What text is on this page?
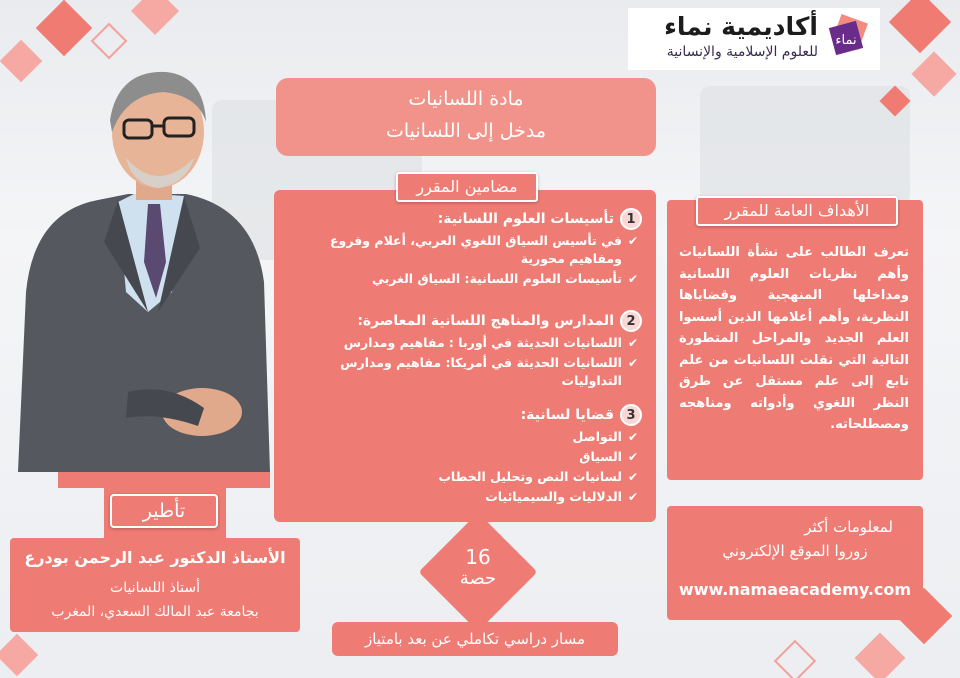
نماء
أكاديمية نماء
للعلوم الإسلامية والإنسانية
تأطير
الأستاذ الدكتور عبد الرحمن بودرع
أستاذ اللسانيات
بجامعة عبد المالك السعدي، المغرب
مادة اللسانيات
مدخل إلى اللسانيات
1
تأسيسات العلوم اللسانية:
✔
في تأسيس السياق اللغوي العربي، أعلام وفروع ومفاهيم محورية
✔
تأسيسات العلوم اللسانية: السياق الغربي
2
المدارس والمناهج اللسانية المعاصرة:
✔
اللسانيات الحديثة في أوربا : مفاهيم ومدارس
✔
اللسانيات الحديثة في أمريكا: مفاهيم ومدارس التداوليات
3
قضايا لسانية:
✔
التواصل
✔
السياق
✔
لسانيات النص وتحليل الخطاب
✔
الدلاليات والسيميائيات
مضامين المقرر
تعرف الطالب على نشأة اللسانيات وأهم نظريات العلوم اللسانية ومداخلها المنهجية وقضاياها النظرية، وأهم أعلامها الذين أسسوا العلم الجديد والمراحل المتطورة التالية التي نقلت اللسانيات من علم تابع إلى علم مستقل عن طرق النظر اللغوي وأدواته ومناهجه ومصطلحاته.
الأهداف العامة للمقرر
لمعلومات أكثر
زوروا الموقع الإلكتروني
www.namaeacademy.com
16
حصة
مسار دراسي تكاملي عن بعد بامتياز
